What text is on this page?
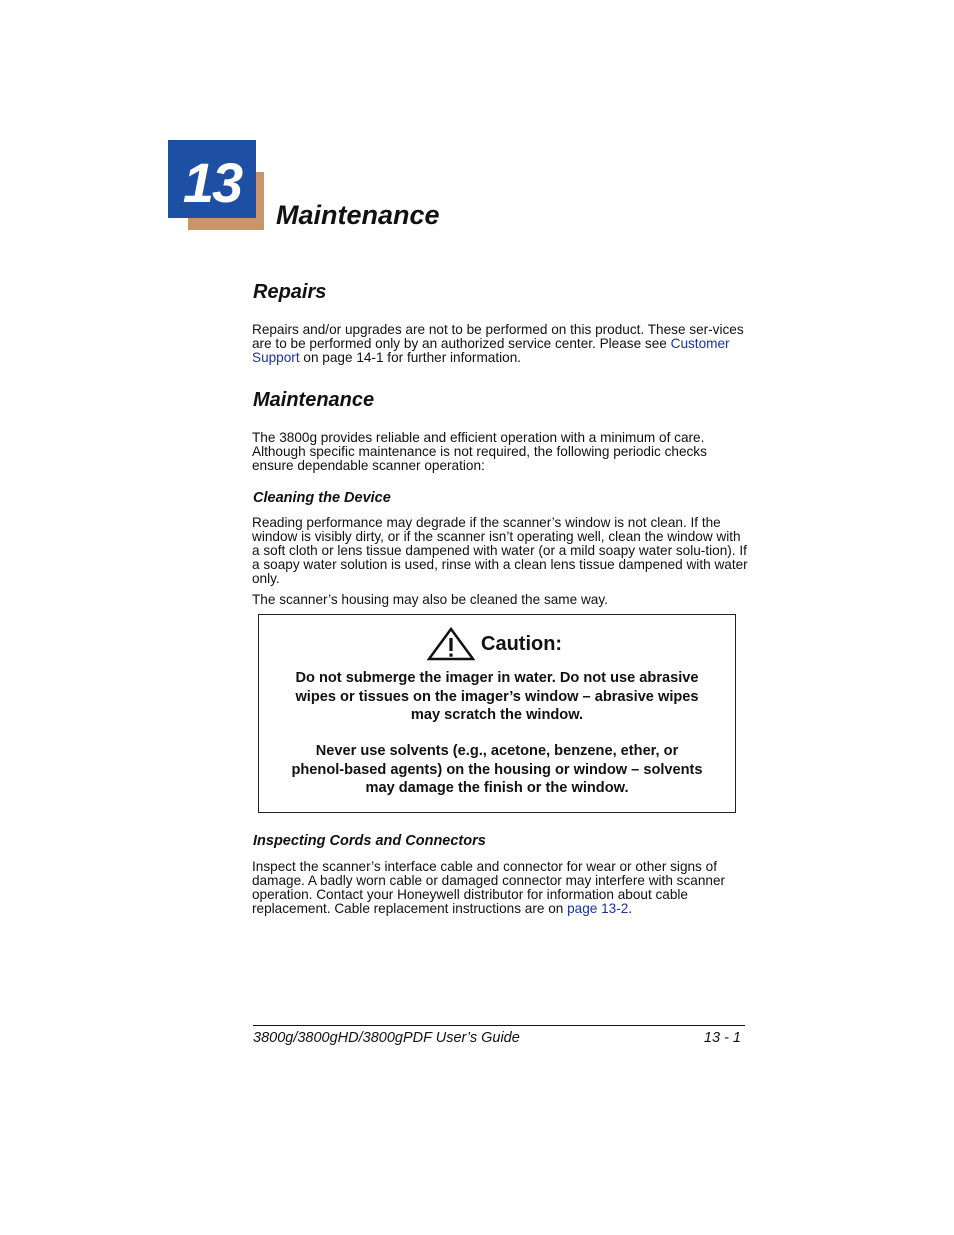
13
Maintenance
Repairs

Repairs and/or upgrades are not to be performed on this product. These ser-vices are to be performed only by an authorized service center. Please see Customer Support on page 14-1 for further information.

Maintenance

The 3800g provides reliable and efficient operation with a minimum of care. Although specific maintenance is not required, the following periodic checks ensure dependable scanner operation:

Cleaning the Device

Reading performance may degrade if the scanner’s window is not clean. If the window is visibly dirty, or if the scanner isn’t operating well, clean the window with a soft cloth or lens tissue dampened with water (or a mild soapy water solu-tion). If a soapy water solution is used, rinse with a clean lens tissue dampened with water only.

The scanner’s housing may also be cleaned the same way.

Caution:

Do not submerge the imager in water. Do not use abrasive wipes or tissues on the imager’s window – abrasive wipes may scratch the window.

Never use solvents (e.g., acetone, benzene, ether, or phenol-based agents) on the housing or window – solvents may damage the finish or the window.

Inspecting Cords and Connectors

Inspect the scanner’s interface cable and connector for wear or other signs of damage. A badly worn cable or damaged connector may interfere with scanner operation. Contact your Honeywell distributor for information about cable replacement. Cable replacement instructions are on page 13-2.

3800g/3800gHD/3800gPDF User’s Guide	13 - 1
